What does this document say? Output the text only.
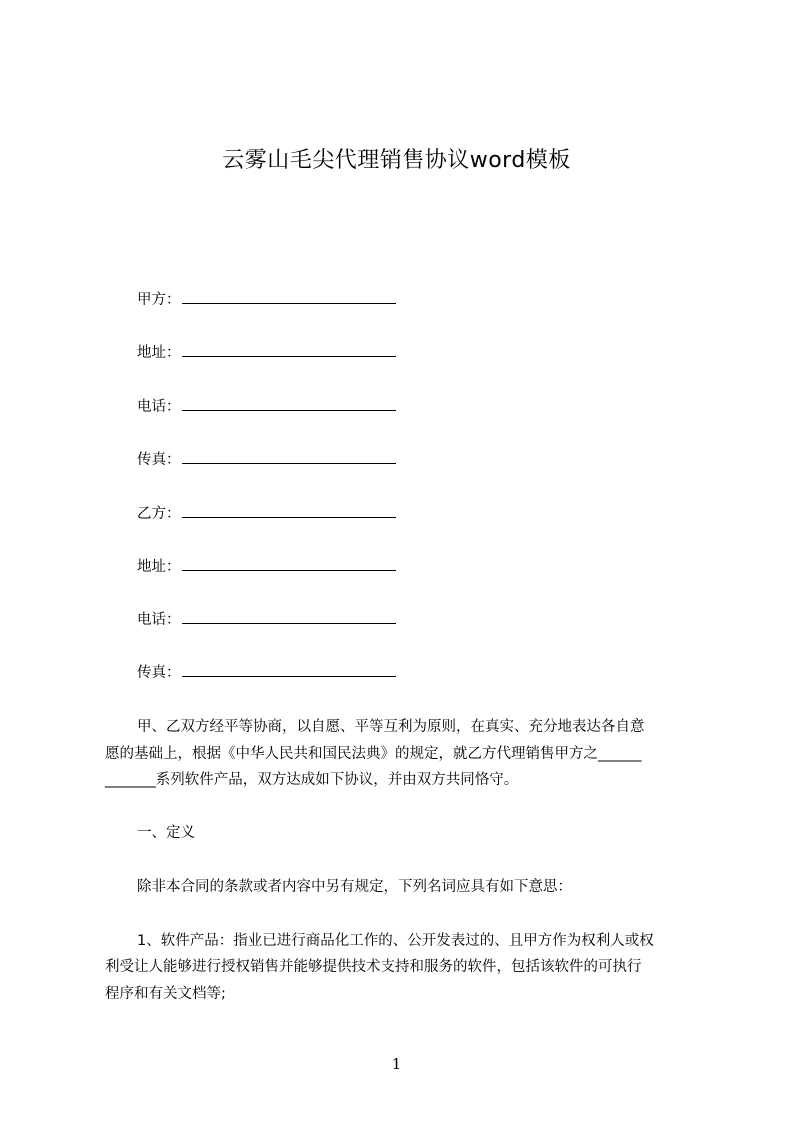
云雾山毛尖代理销售协议word模板
甲方：
地址：
电话：
传真：
乙方：
地址：
电话：
传真：
甲、乙双方经平等协商，以自愿、平等互利为原则，在真实、充分地表达各自意
愿的基础上，根据《中华人民共和国民法典》的规定，就乙方代理销售甲方之______
_______系列软件产品，双方达成如下协议，并由双方共同恪守。
一、定义
除非本合同的条款或者内容中另有规定，下列名词应具有如下意思：
1、软件产品：指业已进行商品化工作的、公开发表过的、且甲方作为权利人或权
利受让人能够进行授权销售并能够提供技术支持和服务的软件，包括该软件的可执行
程序和有关文档等;
1
